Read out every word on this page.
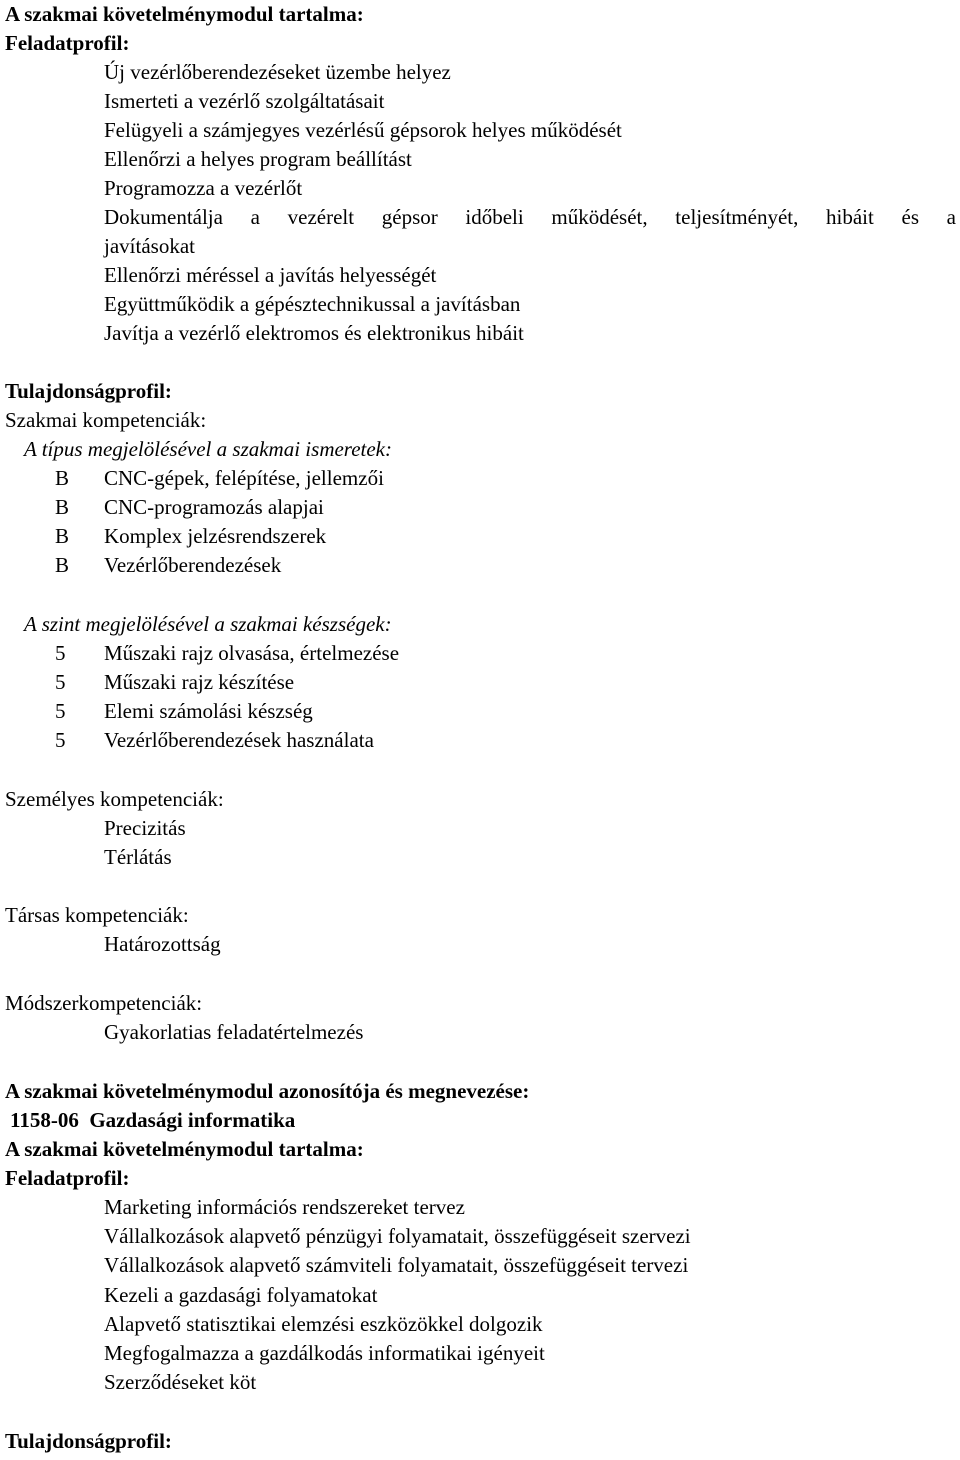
A szakmai követelménymodul tartalma:
Feladatprofil:
Új vezérlőberendezéseket üzembe helyez
Ismerteti a vezérlő szolgáltatásait
Felügyeli a számjegyes vezérlésű gépsorok helyes működését
Ellenőrzi a helyes program beállítást
Programozza a vezérlőt
Dokumentálja a vezérelt gépsor időbeli működését, teljesítményét, hibáit és a
javításokat
Ellenőrzi méréssel a javítás helyességét
Együttműködik a gépésztechnikussal a javításban
Javítja a vezérlő elektromos és elektronikus hibáit
Tulajdonságprofil:
Szakmai kompetenciák:
A típus megjelölésével a szakmai ismeretek:
B CNC-gépek, felépítése, jellemzői
B CNC-programozás alapjai
B Komplex jelzésrendszerek
B Vezérlőberendezések
A szint megjelölésével a szakmai készségek:
5 Műszaki rajz olvasása, értelmezése
5 Műszaki rajz készítése
5 Elemi számolási készség
5 Vezérlőberendezések használata
Személyes kompetenciák:
Precizitás
Térlátás
Társas kompetenciák:
Határozottság
Módszerkompetenciák:
Gyakorlatias feladatértelmezés
A szakmai követelménymodul azonosítója és megnevezése:
1158-06  Gazdasági informatika
A szakmai követelménymodul tartalma:
Feladatprofil:
Marketing információs rendszereket tervez
Vállalkozások alapvető pénzügyi folyamatait, összefüggéseit szervezi
Vállalkozások alapvető számviteli folyamatait, összefüggéseit tervezi
Kezeli a gazdasági folyamatokat
Alapvető statisztikai elemzési eszközökkel dolgozik
Megfogalmazza a gazdálkodás informatikai igényeit
Szerződéseket köt
Tulajdonságprofil:
